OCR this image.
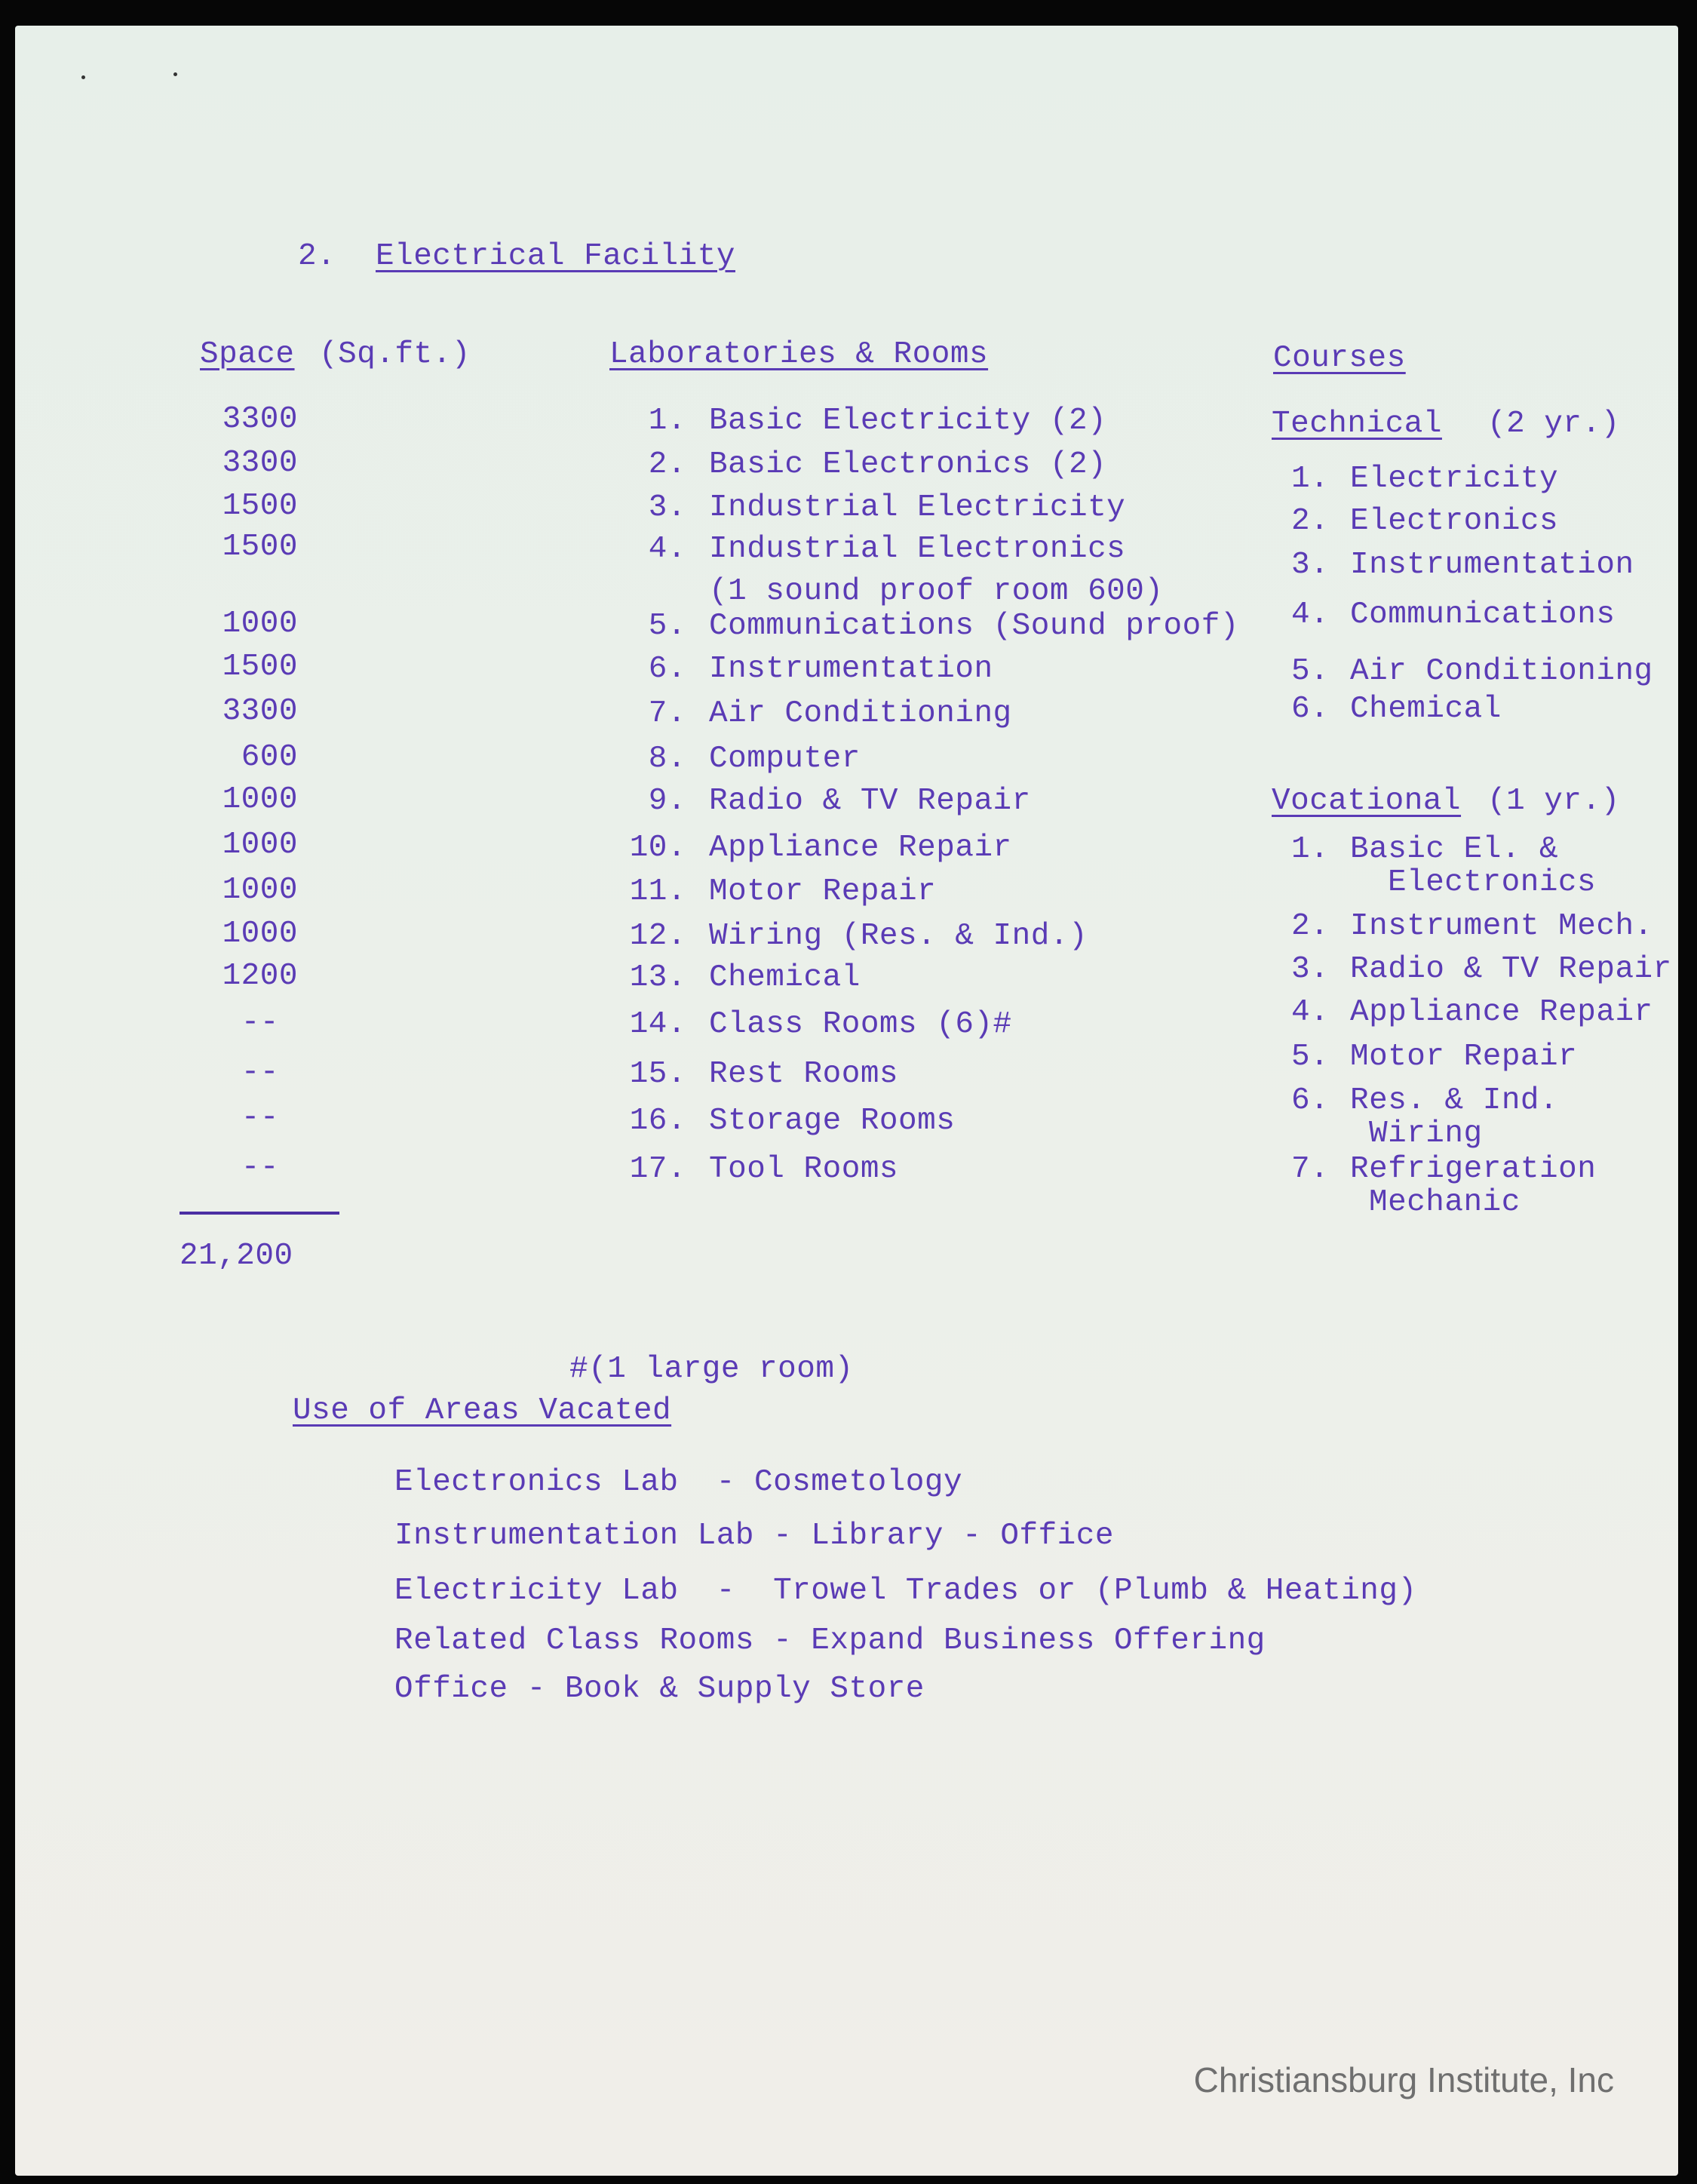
2. Electrical Facility
Space (Sq.ft.)	Laboratories & Rooms	Courses
3300
3300
1500
1500
1000
1500
3300
600
1000
1000
1000
1000
1200
--
--
--
--
21,200
1. Basic Electricity (2)
2. Basic Electronics (2)
3. Industrial Electricity
4. Industrial Electronics
(1 sound proof room 600)
5. Communications (Sound proof)
6. Instrumentation
7. Air Conditioning
8. Computer
9. Radio & TV Repair
10. Appliance Repair
11. Motor Repair
12. Wiring (Res. & Ind.)
13. Chemical
14. Class Rooms (6)#
15. Rest Rooms
16. Storage Rooms
17. Tool Rooms
Technical (2 yr.)
1. Electricity
2. Electronics
3. Instrumentation
4. Communications
5. Air Conditioning
6. Chemical
Vocational (1 yr.)
1. Basic El. &
Electronics
2. Instrument Mech.
3. Radio & TV Repair
4. Appliance Repair
5. Motor Repair
6. Res. & Ind.
Wiring
7. Refrigeration
Mechanic
#(1 large room)
Use of Areas Vacated
Electronics Lab  - Cosmetology
Instrumentation Lab - Library - Office
Electricity Lab  -  Trowel Trades or (Plumb & Heating)
Related Class Rooms - Expand Business Offering
Office - Book & Supply Store
Christiansburg Institute, Inc
